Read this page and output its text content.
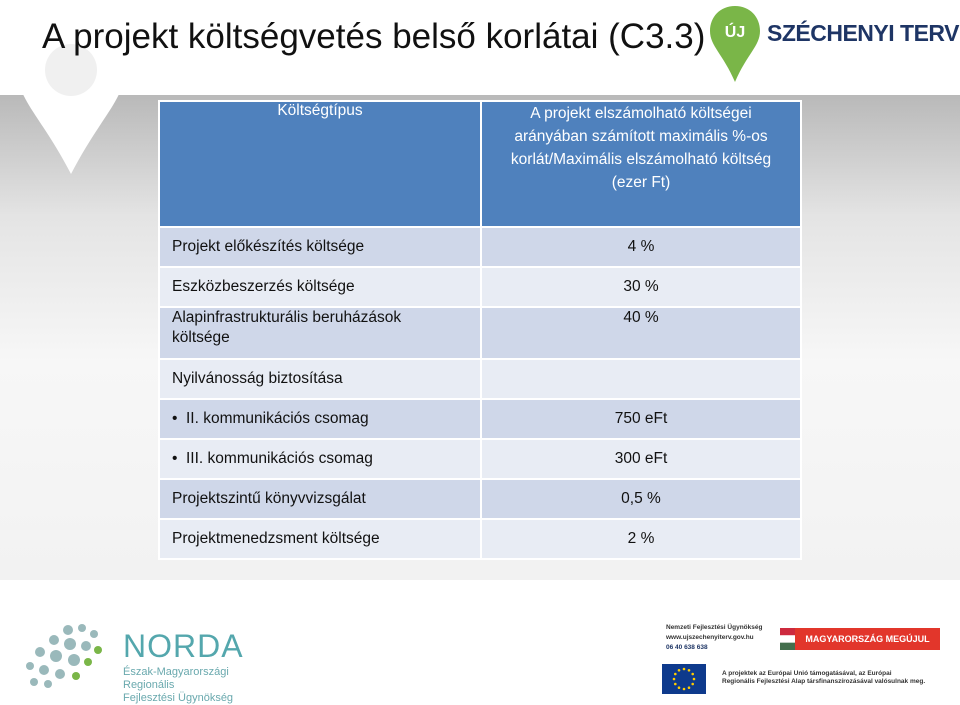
A projekt költségvetés belső korlátai (C3.3) ÚJ SZÉCHENYI TERV
Költségtípus	A projekt elszámolható költségei arányában számított maximális %-os korlát/Maximális elszámolható költség (ezer Ft)
Projekt előkészítés költsége	4 %
Eszközbeszerzés költsége	30 %
Alapinfrastrukturális beruházások költsége	40 %
Nyilvánosság biztosítása	
• II. kommunikációs csomag	750 eFt
• III. kommunikációs csomag	300 eFt
Projektszintű könyvvizsgálat	0,5 %
Projektmenedzsment költsége	2 %
NORDA
Észak-Magyarországi Regionális
Fejlesztési Ügynökség
Nemzeti Fejlesztési Ügynökség
www.ujszechenyiterv.gov.hu
06 40 638 638
MAGYARORSZÁG MEGÚJUL
A projektek az Európai Unió támogatásával, az Európai
Regionális Fejlesztési Alap társfinanszírozásával valósulnak meg.
